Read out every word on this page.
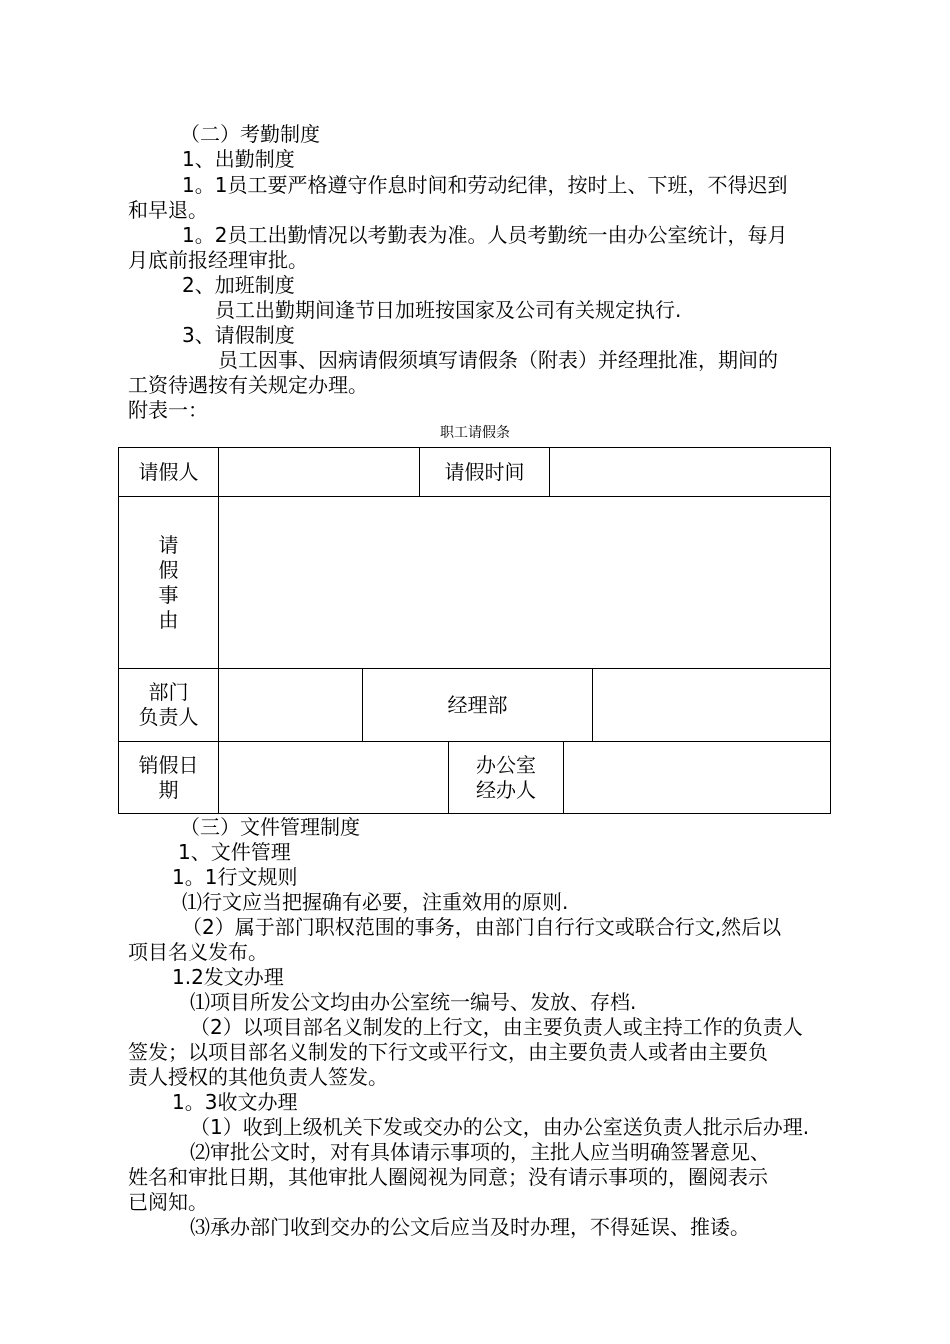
（二）考勤制度
1、出勤制度
1。1员工要严格遵守作息时间和劳动纪律，按时上、下班，不得迟到
和早退。
1。2员工出勤情况以考勤表为准。人员考勤统一由办公室统计，每月
月底前报经理审批。
2、加班制度
员工出勤期间逢节日加班按国家及公司有关规定执行.
3、请假制度
员工因事、因病请假须填写请假条（附表）并经理批准，期间的
工资待遇按有关规定办理。
附表一：
职工请假条
请假人	请假时间
请
假
事
由
部门
负责人
经理部
销假日
期
办公室
经办人
（三）文件管理制度
1、文件管理
1。1行文规则
⑴行文应当把握确有必要，注重效用的原则.
（2）属于部门职权范围的事务，由部门自行行文或联合行文,然后以
项目名义发布。
1.2发文办理
⑴项目所发公文均由办公室统一编号、发放、存档.
（2）以项目部名义制发的上行文，由主要负责人或主持工作的负责人
签发；以项目部名义制发的下行文或平行文，由主要负责人或者由主要负
责人授权的其他负责人签发。
1。3收文办理
（1）收到上级机关下发或交办的公文，由办公室送负责人批示后办理.
⑵审批公文时，对有具体请示事项的，主批人应当明确签署意见、
姓名和审批日期，其他审批人圈阅视为同意；没有请示事项的，圈阅表示
已阅知。
⑶承办部门收到交办的公文后应当及时办理，不得延误、推诿。
